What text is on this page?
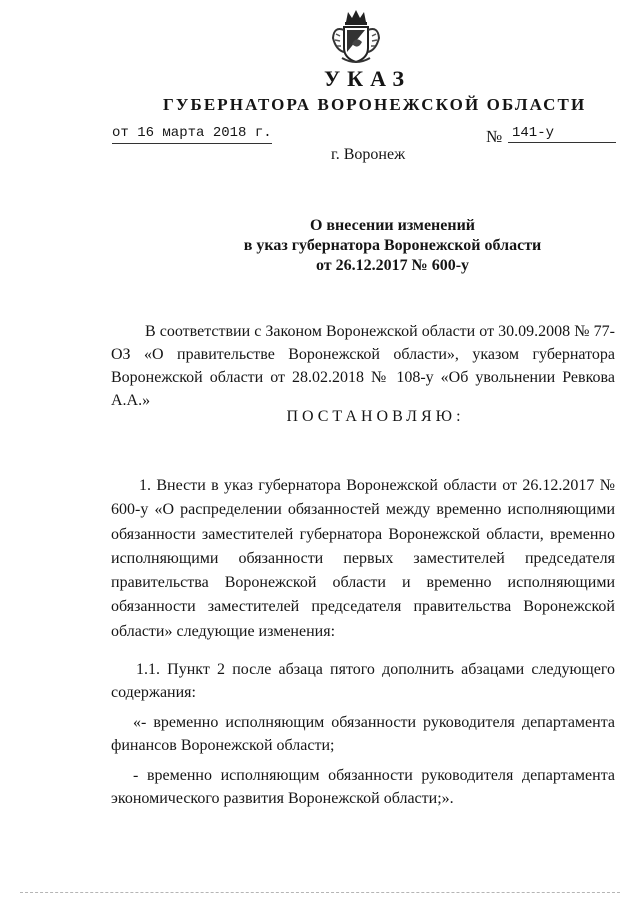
УКАЗ
ГУБЕРНАТОРА ВОРОНЕЖСКОЙ ОБЛАСТИ
от 16 марта 2018 г.	№ 141-у
г. Воронеж
О внесении изменений
в указ губернатора Воронежской области
от 26.12.2017 № 600-у
В соответствии с Законом Воронежской области от 30.09.2008 № 77-ОЗ «О правительстве Воронежской области», указом губернатора Воронежской области от 28.02.2018 № 108-у «Об увольнении Ревкова А.А.»
ПОСТАНОВЛЯЮ:
1. Внести в указ губернатора Воронежской области от 26.12.2017 № 600-у «О распределении обязанностей между временно исполняющими обязанности заместителей губернатора Воронежской области, временно исполняющими обязанности первых заместителей председателя правительства Воронежской области и временно исполняющими обязанности заместителей председателя правительства Воронежской области» следующие изменения:
1.1. Пункт 2 после абзаца пятого дополнить абзацами следующего содержания:
«- временно исполняющим обязанности руководителя департамента финансов Воронежской области;
- временно исполняющим обязанности руководителя департамента экономического развития Воронежской области;».
